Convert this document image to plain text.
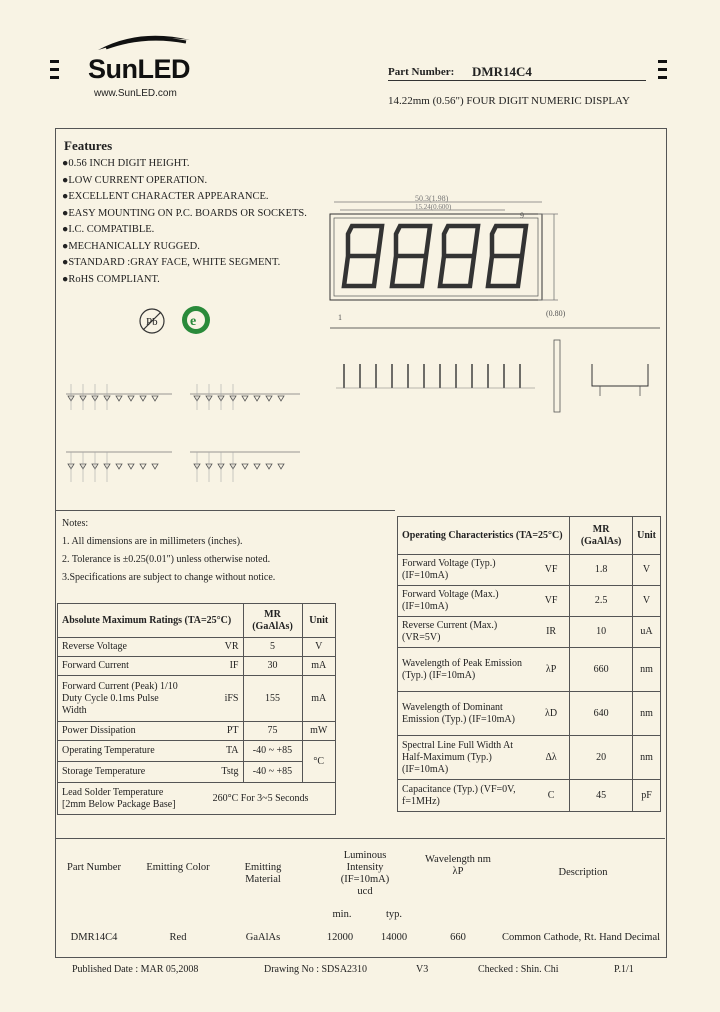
SunLED
www.SunLED.com
Part Number: DMR14C4
14.22mm (0.56") FOUR DIGIT NUMERIC DISPLAY
Features
●0.56 INCH DIGIT HEIGHT.
●LOW CURRENT OPERATION.
●EXCELLENT CHARACTER APPEARANCE.
●EASY MOUNTING ON P.C. BOARDS OR SOCKETS.
●I.C. COMPATIBLE.
●MECHANICALLY RUGGED.
●STANDARD :GRAY FACE, WHITE SEGMENT.
●RoHS COMPLIANT.
Pb e
50.3(1.98)
15.24(0.600)
1
9
(0.80)
Notes:
1. All dimensions are in millimeters (inches).
2. Tolerance is ±0.25(0.01") unless otherwise noted.
3.Specifications are subject to change without notice.
Absolute Maximum Ratings (TA=25°C)		MR (GaAlAs)	Unit
Reverse Voltage	VR	5	V
Forward Current	IF	30	mA
Forward Current (Peak) 1/10 Duty Cycle 0.1ms Pulse Width	iFS	155	mA
Power Dissipation	PT	75	mW
Operating Temperature	TA	-40 ~ +85	°C
Storage Temperature	Tstg	-40 ~ +85	
Lead Solder Temperature [2mm Below Package Base]	260°C For 3~5 Seconds		
Operating Characteristics (TA=25°C)		MR (GaAlAs)	Unit
Forward Voltage (Typ.) (IF=10mA)	VF	1.8	V
Forward Voltage (Max.) (IF=10mA)	VF	2.5	V
Reverse Current (Max.) (VR=5V)	IR	10	uA
Wavelength of Peak Emission (Typ.) (IF=10mA)	λP	660	nm
Wavelength of Dominant Emission (Typ.) (IF=10mA)	λD	640	nm
Spectral Line Full Width At Half-Maximum (Typ.) (IF=10mA)	Δλ	20	nm
Capacitance (Typ.) (VF=0V, f=1MHz)	C	45	pF
Part Number	Emitting Color	Emitting Material
Luminous Intensity (IF=10mA) ucd
Wavelength nm λP	Description
min.	typ.
DMR14C4	Red	GaAlAs	12000	14000	660	Common Cathode, Rt. Hand Decimal
Published Date : MAR 05,2008	Drawing No : SDSA2310	V3	Checked : Shin. Chi	P.1/1
